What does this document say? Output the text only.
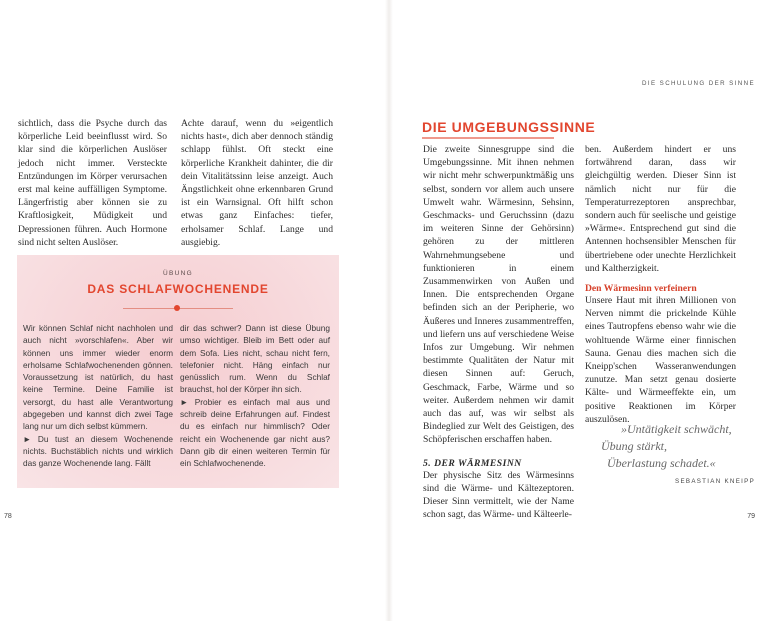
sichtlich, dass die Psyche durch das körperliche Leid beeinflusst wird. So klar sind die körperlichen Auslöser jedoch nicht immer. Versteckte Entzündungen im Körper verursachen erst mal keine auffälligen Symptome. Längerfristig aber können sie zu Kraftlosigkeit, Müdigkeit und Depressionen führen. Auch Hormone sind nicht selten Auslöser.

Achte darauf, wenn du »eigentlich nichts hast«, dich aber dennoch ständig schlapp fühlst. Oft steckt eine körperliche Krankheit dahinter, die dir dein Vitalitätssinn leise anzeigt. Auch Ängstlichkeit ohne erkennbaren Grund ist ein Warnsignal. Oft hilft schon etwas ganz Einfaches: tiefer, erholsamer Schlaf. Lange und ausgiebig.

ÜBUNG
DAS SCHLAFWOCHENENDE

Wir können Schlaf nicht nachholen und auch nicht »vorschlafen«. Aber wir können uns immer wieder enorm erholsame Schlafwochenenden gönnen. Voraussetzung ist natürlich, du hast keine Termine. Deine Familie ist versorgt, du hast alle Verantwortung abgegeben und kannst dich zwei Tage lang nur um dich selbst kümmern.

► Du tust an diesem Wochenende nichts. Buchstäblich nichts und wirklich das ganze Wochenende lang. Fällt

dir das schwer? Dann ist diese Übung umso wichtiger. Bleib im Bett oder auf dem Sofa. Lies nicht, schau nicht fern, telefonier nicht. Häng einfach nur genüsslich rum. Wenn du Schlaf brauchst, hol der Körper ihn sich.

► Probier es einfach mal aus und schreib deine Erfahrungen auf. Findest du es einfach nur himmlisch? Oder reicht ein Wochenende gar nicht aus? Dann gib dir einen weiteren Termin für ein Schlafwochenende.

78
DIE SCHULUNG DER SINNE
DIE UMGEBUNGSSINNE

Die zweite Sinnesgruppe sind die Umgebungssinne. Mit ihnen nehmen wir nicht mehr schwerpunktmäßig uns selbst, sondern vor allem auch unsere Umwelt wahr. Wärmesinn, Sehsinn, Geschmacks- und Geruchssinn (dazu im weiteren Sinne der Gehörsinn) gehören zu der mittleren Wahrnehmungsebene und funktionieren in einem Zusammenwirken von Außen und Innen. Die entsprechenden Organe befinden sich an der Peripherie, wo Äußeres und Inneres zusammentreffen, und liefern uns auf verschiedene Weise Infos zur Umgebung. Wir nehmen bestimmte Qualitäten der Natur mit diesen Sinnen auf: Geruch, Geschmack, Farbe, Wärme und so weiter. Außerdem nehmen wir damit auch das auf, was wir selbst als Bindeglied zur Welt des Geistigen, des Schöpferischen erschaffen haben.

5. DER WÄRMESINN

Der physische Sitz des Wärmesinns sind die Wärme- und Kältezeptoren. Dieser Sinn vermittelt, wie der Name schon sagt, das Wärme- und Kälteerle-

ben. Außerdem hindert er uns fortwährend daran, dass wir gleichgültig werden. Dieser Sinn ist nämlich nicht nur für die Temperaturrezeptoren ansprechbar, sondern auch für seelische und geistige »Wärme«. Entsprechend gut sind die Antennen hochsensibler Menschen für übertriebene oder unechte Herzlichkeit und Kaltherzigkeit.

Den Wärmesinn verfeinern

Unsere Haut mit ihren Millionen von Nerven nimmt die prickelnde Kühle eines Tautropfens ebenso wahr wie die wohltuende Wärme einer finnischen Sauna. Genau dies machen sich die Kneipp'schen Wasseranwendungen zunutze. Man setzt genau dosierte Kälte- und Wärmeeffekte ein, um positive Reaktionen im Körper auszulösen.

»Untätigkeit schwächt,
Übung stärkt,
Überlastung schadet.«
SEBASTIAN KNEIPP
79
